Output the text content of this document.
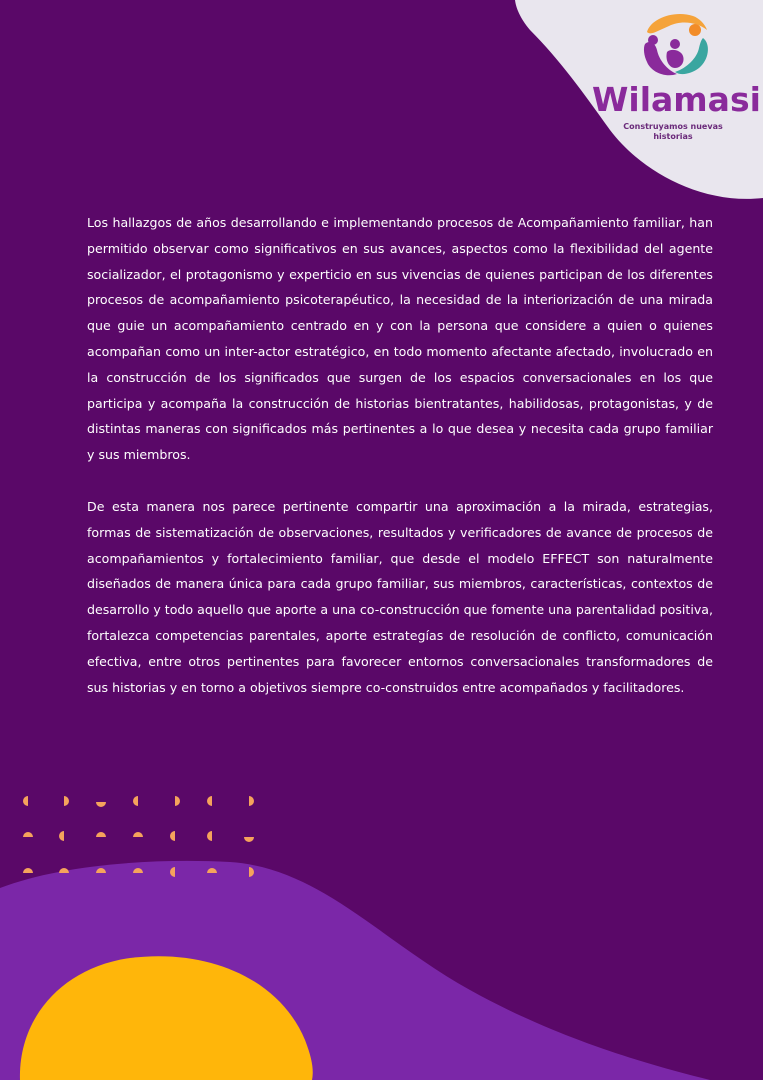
Wilamasi
Construyamos nuevas historias

Los hallazgos de años desarrollando e implementando procesos de Acompañamiento familiar, han permitido observar como significativos en sus avances, aspectos como la flexibilidad del agente socializador, el protagonismo y experticio en sus vivencias de quienes participan de los diferentes procesos de acompañamiento psicoterapéutico, la necesidad de la interiorización de una mirada que guie un acompañamiento centrado en y con la persona que considere a quien o quienes acompañan como un inter-actor estratégico, en todo momento afectante afectado, involucrado en la construcción de los significados que surgen de los espacios conversacionales en los que participa y acompaña la construcción de historias bientratantes, habilidosas, protagonistas, y de distintas maneras con significados más pertinentes a lo que desea y necesita cada grupo familiar y sus miembros.

De esta manera nos parece pertinente compartir una aproximación a la mirada, estrategias, formas de sistematización de observaciones, resultados y verificadores de avance de procesos de acompañamientos y fortalecimiento familiar, que desde el modelo EFFECT son naturalmente diseñados de manera única para cada grupo familiar, sus miembros, características, contextos de desarrollo y todo aquello que aporte a una co-construcción que fomente una parentalidad positiva, fortalezca competencias parentales, aporte estrategías de resolución de conflicto, comunicación efectiva, entre otros pertinentes para favorecer entornos conversacionales transformadores de sus historias y en torno a objetivos siempre co-construidos entre acompañados y facilitadores.
